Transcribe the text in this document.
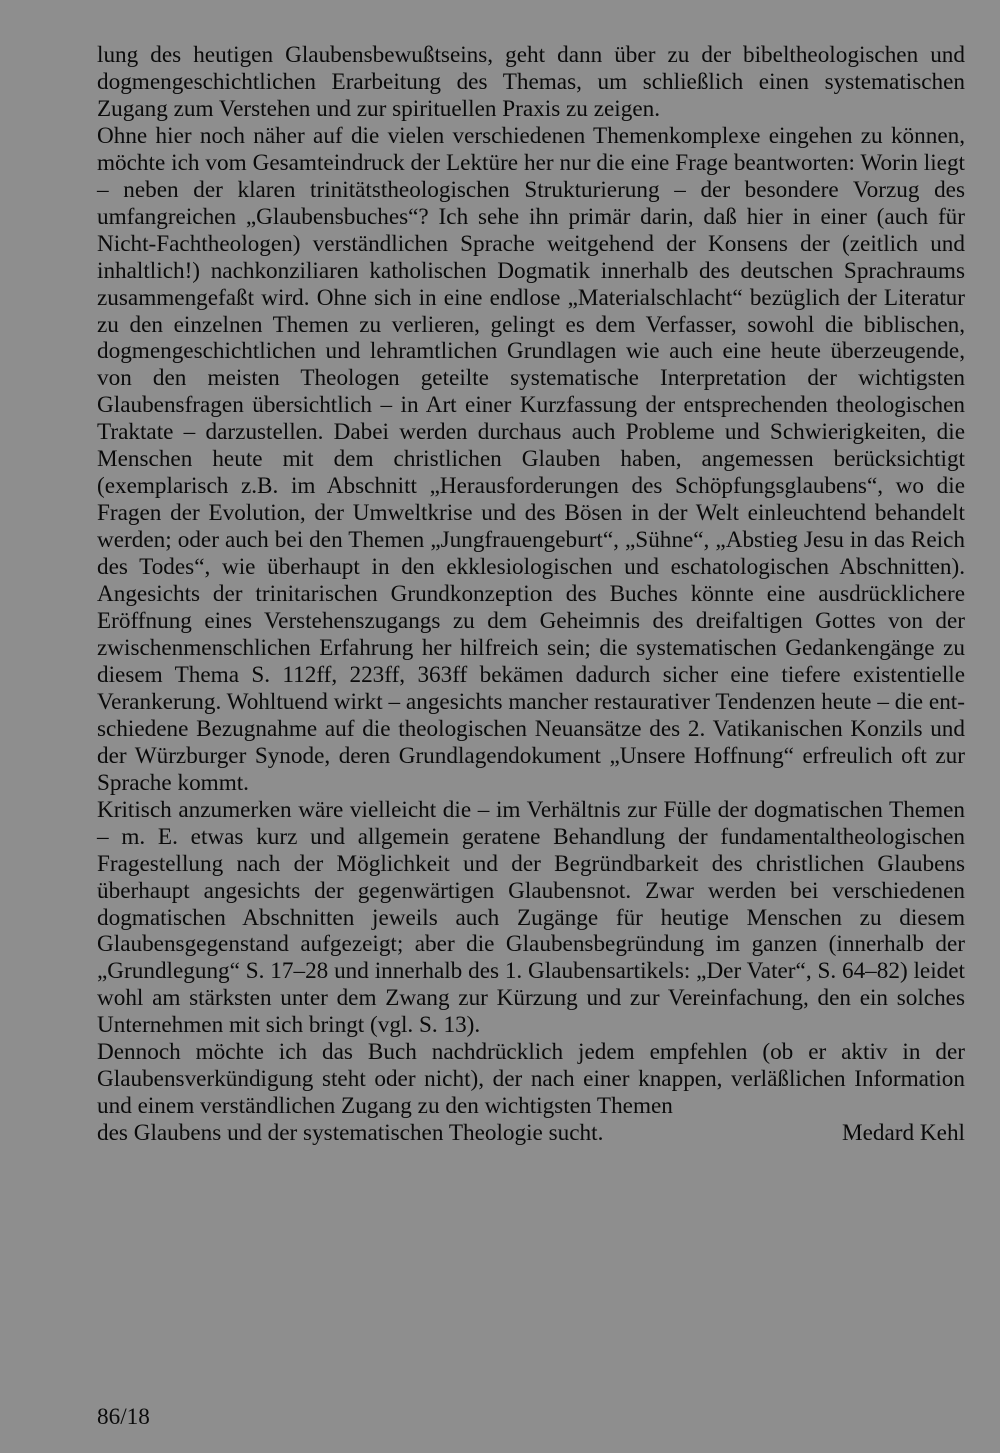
lung des heutigen Glaubensbewußtseins, geht dann über zu der bibeltheologischen und dogmengeschichtlichen Erarbeitung des Themas, um schließlich einen systematischen Zugang zum Verstehen und zur spirituellen Praxis zu zeigen.

Ohne hier noch näher auf die vielen verschiedenen Themenkomplexe eingehen zu können, möchte ich vom Gesamteindruck der Lektüre her nur die eine Frage beantworten: Worin liegt – neben der klaren trinitätstheologischen Strukturierung – der besondere Vorzug des umfangreichen „Glaubensbuches“? Ich sehe ihn primär darin, daß hier in einer (auch für Nicht-Fachtheologen) verständlichen Sprache weitgehend der Konsens der (zeitlich und inhaltlich!) nachkonziliaren katholischen Dogmatik innerhalb des deutschen Sprachraums zusammengefaßt wird. Ohne sich in eine endlose „Materialschlacht“ bezüglich der Literatur zu den einzelnen Themen zu verlieren, gelingt es dem Verfasser, sowohl die biblischen, dogmengeschichtlichen und lehramtlichen Grundlagen wie auch eine heute überzeugende, von den meisten Theologen geteilte systematische Interpretation der wichtigsten Glaubensfragen übersichtlich – in Art einer Kurzfassung der entsprechenden theologischen Traktate – darzustellen. Dabei werden durchaus auch Probleme und Schwierigkeiten, die Menschen heute mit dem christlichen Glauben haben, angemessen berücksichtigt (exemplarisch z.B. im Abschnitt „Herausforderungen des Schöpfungsglaubens“, wo die Fragen der Evolution, der Umweltkrise und des Bösen in der Welt einleuchtend behandelt werden; oder auch bei den Themen „Jungfrauengeburt“, „Sühne“, „Abstieg Jesu in das Reich des Todes“, wie überhaupt in den ekklesiologischen und eschatologischen Abschnitten). Angesichts der trinitarischen Grundkonzeption des Buches könnte eine ausdrücklichere Eröffnung eines Verstehenszugangs zu dem Geheimnis des dreifaltigen Gottes von der zwischenmenschlichen Erfahrung her hilfreich sein; die systematischen Gedankengänge zu diesem Thema S. 112ff, 223ff, 363ff bekämen dadurch sicher eine tiefere existentielle Verankerung. Wohltuend wirkt – angesichts mancher restaurativer Tendenzen heute – die entschiedene Bezugnahme auf die theologischen Neuansätze des 2. Vatikanischen Konzils und der Würzburger Synode, deren Grundlagendokument „Unsere Hoffnung“ erfreulich oft zur Sprache kommt.

Kritisch anzumerken wäre vielleicht die – im Verhältnis zur Fülle der dogmatischen Themen – m. E. etwas kurz und allgemein geratene Behandlung der fundamentaltheologischen Fragestellung nach der Möglichkeit und der Begründbarkeit des christlichen Glaubens überhaupt angesichts der gegenwärtigen Glaubensnot. Zwar werden bei verschiedenen dogmatischen Abschnitten jeweils auch Zugänge für heutige Menschen zu diesem Glaubensgegenstand aufgezeigt; aber die Glaubensbegründung im ganzen (innerhalb der „Grundlegung“ S. 17–28 und innerhalb des 1. Glaubensartikels: „Der Vater“, S. 64–82) leidet wohl am stärksten unter dem Zwang zur Kürzung und zur Vereinfachung, den ein solches Unternehmen mit sich bringt (vgl. S. 13).

Dennoch möchte ich das Buch nachdrücklich jedem empfehlen (ob er aktiv in der Glaubensverkündigung steht oder nicht), der nach einer knappen, verläßlichen Information und einem verständlichen Zugang zu den wichtigsten Themen

des Glaubens und der systematischen Theologie sucht.	Medard Kehl
86/18
